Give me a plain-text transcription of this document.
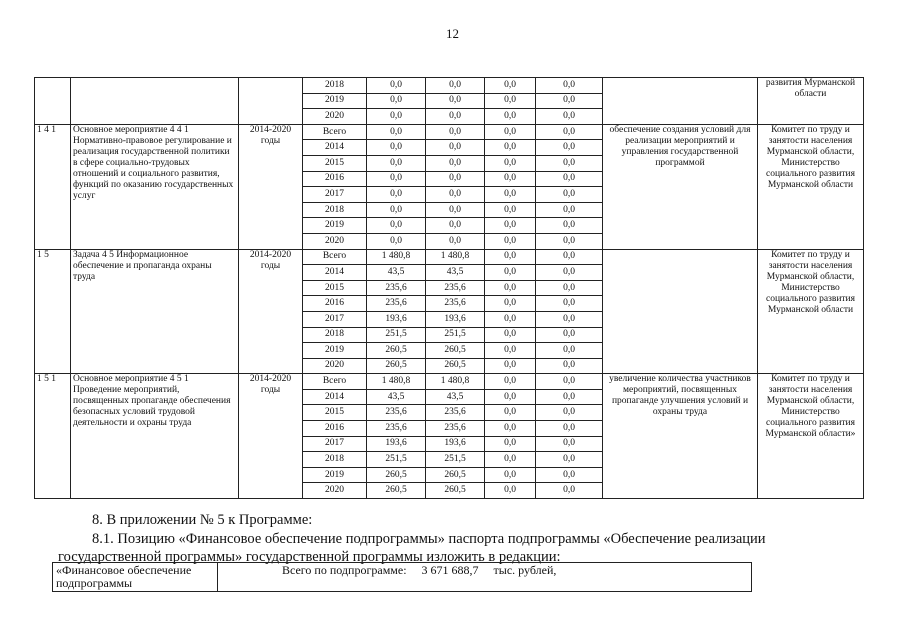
12
			2018	0,0	0,0	0,0	0,0		развития Мурманской области
			2019	0,0	0,0	0,0	0,0		
			2020	0,0	0,0	0,0	0,0		
1 4 1	Основное мероприятие 4 4 1 Нормативно-правовое регулирование и реализация государственной политики в сфере социально-трудовых отношений и социального развития, функций по оказанию государственных услуг	2014-2020 годы	Всего	0,0	0,0	0,0	0,0	обеспечение создания условий для реализации мероприятий и управления государственной программой	Комитет по труду и занятости населения Мурманской области, Министерство социального развития Мурманской области
			2014	0,0	0,0	0,0	0,0		
			2015	0,0	0,0	0,0	0,0		
			2016	0,0	0,0	0,0	0,0		
			2017	0,0	0,0	0,0	0,0		
			2018	0,0	0,0	0,0	0,0		
			2019	0,0	0,0	0,0	0,0		
			2020	0,0	0,0	0,0	0,0		
1 5	Задача 4 5 Информационное обеспечение и пропаганда охраны труда	2014-2020 годы	Всего	1 480,8	1 480,8	0,0	0,0		Комитет по труду и занятости населения Мурманской области, Министерство социального развития Мурманской области
			2014	43,5	43,5	0,0	0,0		
			2015	235,6	235,6	0,0	0,0		
			2016	235,6	235,6	0,0	0,0		
			2017	193,6	193,6	0,0	0,0		
			2018	251,5	251,5	0,0	0,0		
			2019	260,5	260,5	0,0	0,0		
			2020	260,5	260,5	0,0	0,0		
1 5 1	Основное мероприятие 4 5 1 Проведение мероприятий, посвященных пропаганде обеспечения безопасных условий трудовой деятельности и охраны труда	2014-2020 годы	Всего	1 480,8	1 480,8	0,0	0,0	увеличение количества участников мероприятий, посвященных пропаганде улучшения условий и охраны труда	Комитет по труду и занятости населения Мурманской области, Министерство социального развития Мурманской области»
			2014	43,5	43,5	0,0	0,0		
			2015	235,6	235,6	0,0	0,0		
			2016	235,6	235,6	0,0	0,0		
			2017	193,6	193,6	0,0	0,0		
			2018	251,5	251,5	0,0	0,0		
			2019	260,5	260,5	0,0	0,0		
			2020	260,5	260,5	0,0	0,0		
8. В приложении № 5 к Программе:
8.1. Позицию «Финансовое обеспечение подпрограммы» паспорта подпрограммы «Обеспечение реализации
государственной программы» государственной программы изложить в редакции:
«Финансовое обеспечение подпрограммы	Всего по подпрограмме: 3 671 688,7 тыс. рублей,
